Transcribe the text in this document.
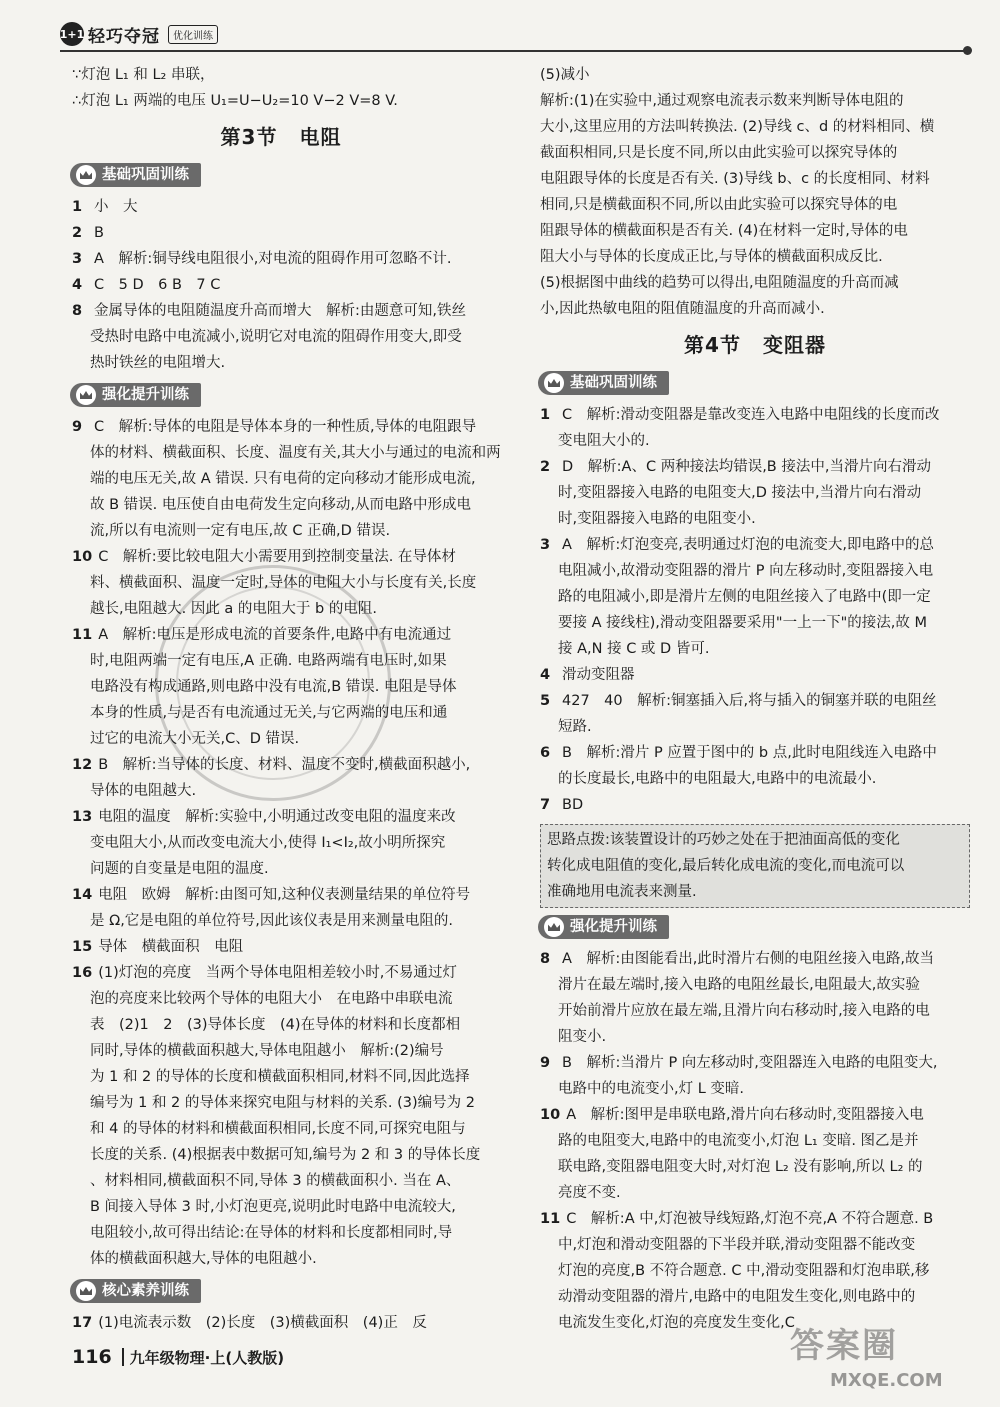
1+1 轻巧夺冠	优化训练
∵灯泡 L₁ 和 L₂ 串联，
∴灯泡 L₁ 两端的电压 U₁=U−U₂=10 V−2 V=8 V.
第3节 电阻
基础巩固训练
1 小　大
2 B
3 A　解析:铜导线电阻很小,对电流的阻碍作用可忽略不计.
4 C　5 D　6 B　7 C
8 金属导体的电阻随温度升高而增大　解析:由题意可知,铁丝
受热时电路中电流减小,说明它对电流的阻碍作用变大,即受
热时铁丝的电阻增大.
强化提升训练
9 C　解析:导体的电阻是导体本身的一种性质,导体的电阻跟导
体的材料、横截面积、长度、温度有关,其大小与通过的电流和两
端的电压无关,故 A 错误. 只有电荷的定向移动才能形成电流,
故 B 错误. 电压使自由电荷发生定向移动,从而电路中形成电
流,所以有电流则一定有电压,故 C 正确,D 错误.
10 C　解析:要比较电阻大小需要用到控制变量法. 在导体材
料、横截面积、温度一定时,导体的电阻大小与长度有关,长度
越长,电阻越大. 因此 a 的电阻大于 b 的电阻.
11 A　解析:电压是形成电流的首要条件,电路中有电流通过
时,电阻两端一定有电压,A 正确. 电路两端有电压时,如果
电路没有构成通路,则电路中没有电流,B 错误. 电阻是导体
本身的性质,与是否有电流通过无关,与它两端的电压和通
过它的电流大小无关,C、D 错误.
12 B　解析:当导体的长度、材料、温度不变时,横截面积越小,
导体的电阻越大.
13 电阻的温度　解析:实验中,小明通过改变电阻的温度来改
变电阻大小,从而改变电流大小,使得 I₁<I₂,故小明所探究
问题的自变量是电阻的温度.
14 电阻　欧姆　解析:由图可知,这种仪表测量结果的单位符号
是 Ω,它是电阻的单位符号,因此该仪表是用来测量电阻的.
15 导体　横截面积　电阻
16 (1)灯泡的亮度　当两个导体电阻相差较小时,不易通过灯
泡的亮度来比较两个导体的电阻大小　在电路中串联电流
表　(2)1　2　(3)导体长度　(4)在导体的材料和长度都相
同时,导体的横截面积越大,导体电阻越小　解析:(2)编号
为 1 和 2 的导体的长度和横截面积相同,材料不同,因此选择
编号为 1 和 2 的导体来探究电阻与材料的关系. (3)编号为 2
和 4 的导体的材料和横截面积相同,长度不同,可探究电阻与
长度的关系. (4)根据表中数据可知,编号为 2 和 3 的导体长度
、材料相同,横截面积不同,导体 3 的横截面积小. 当在 A、
B 间接入导体 3 时,小灯泡更亮,说明此时电路中电流较大,
电阻较小,故可得出结论:在导体的材料和长度都相同时,导
体的横截面积越大,导体的电阻越小.
核心素养训练
17 (1)电流表示数　(2)长度　(3)横截面积　(4)正　反
(5)减小
解析:(1)在实验中,通过观察电流表示数来判断导体电阻的
大小,这里应用的方法叫转换法. (2)导线 c、d 的材料相同、横
截面积相同,只是长度不同,所以由此实验可以探究导体的
电阻跟导体的长度是否有关. (3)导线 b、c 的长度相同、材料
相同,只是横截面积不同,所以由此实验可以探究导体的电
阻跟导体的横截面积是否有关. (4)在材料一定时,导体的电
阻大小与导体的长度成正比,与导体的横截面积成反比.
(5)根据图中曲线的趋势可以得出,电阻随温度的升高而减
小,因此热敏电阻的阻值随温度的升高而减小.
第4节 变阻器
基础巩固训练
1 C　解析:滑动变阻器是靠改变连入电路中电阻线的长度而改
变电阻大小的.
2 D　解析:A、C 两种接法均错误,B 接法中,当滑片向右滑动
时,变阻器接入电路的电阻变大,D 接法中,当滑片向右滑动
时,变阻器接入电路的电阻变小.
3 A　解析:灯泡变亮,表明通过灯泡的电流变大,即电路中的总
电阻减小,故滑动变阻器的滑片 P 向左移动时,变阻器接入电
路的电阻减小,即是滑片左侧的电阻丝接入了电路中(即一定
要接 A 接线柱),滑动变阻器要采用"一上一下"的接法,故 M
接 A,N 接 C 或 D 皆可.
4 滑动变阻器
5 427　40　解析:铜塞插入后,将与插入的铜塞并联的电阻丝
短路.
6 B　解析:滑片 P 应置于图中的 b 点,此时电阻线连入电路中
的长度最长,电路中的电阻最大,电路中的电流最小.
7 BD
思路点拨:该装置设计的巧妙之处在于把油面高低的变化
转化成电阻值的变化,最后转化成电流的变化,而电流可以
准确地用电流表来测量.
强化提升训练
8 A　解析:由图能看出,此时滑片右侧的电阻丝接入电路,故当
滑片在最左端时,接入电路的电阻丝最长,电阻最大,故实验
开始前滑片应放在最左端,且滑片向右移动时,接入电路的电
阻变小.
9 B　解析:当滑片 P 向左移动时,变阻器连入电路的电阻变大,
电路中的电流变小,灯 L 变暗.
10 A　解析:图甲是串联电路,滑片向右移动时,变阻器接入电
路的电阻变大,电路中的电流变小,灯泡 L₁ 变暗. 图乙是并
联电路,变阻器电阻变大时,对灯泡 L₂ 没有影响,所以 L₂ 的
亮度不变.
11 C　解析:A 中,灯泡被导线短路,灯泡不亮,A 不符合题意. B
中,灯泡和滑动变阻器的下半段并联,滑动变阻器不能改变
灯泡的亮度,B 不符合题意. C 中,滑动变阻器和灯泡串联,移
动滑动变阻器的滑片,电路中的电阻发生变化,则电路中的
电流发生变化,灯泡的亮度发生变化,C
116 九年级物理·上(人教版)	答案圈
MXQE.COM
